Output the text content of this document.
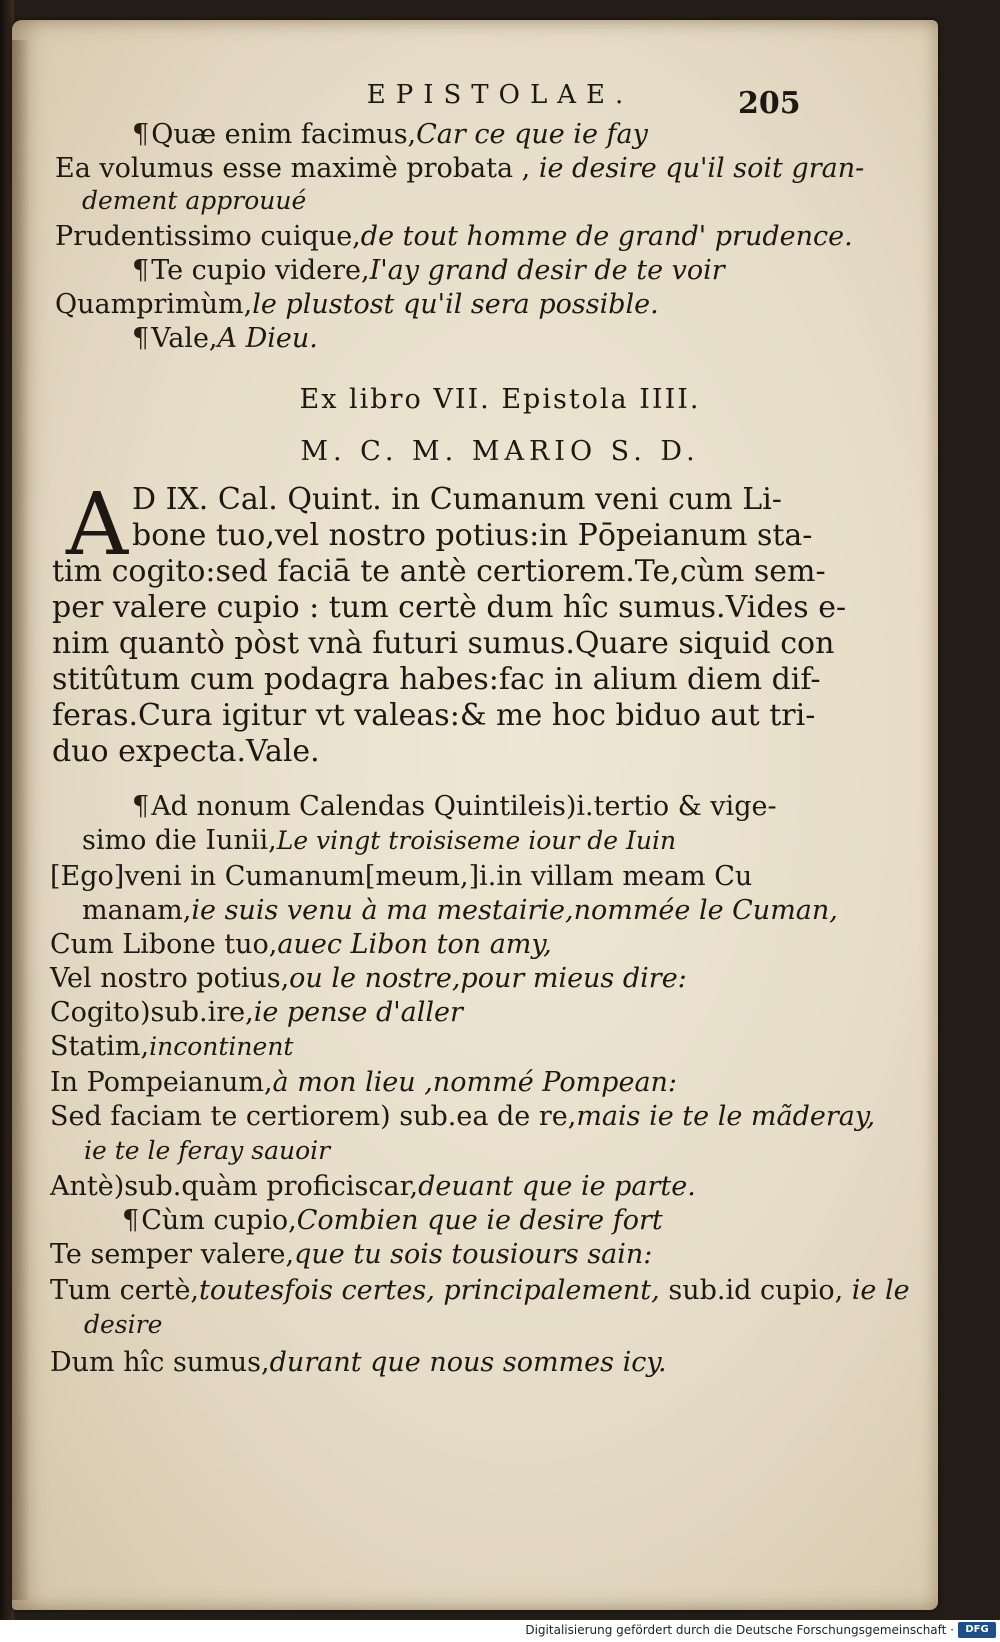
EPISTOLAE.	205
¶Quæ enim facimus,Car ce que ie fay
Ea volumus esse maximè probata , ie desire qu'il soit gran-
dement approuué
Prudentissimo cuique,de tout homme de grand' prudence.
¶Te cupio videre,I'ay grand desir de te voir
Quamprimùm,le plustost qu'il sera possible.
¶Vale,A Dieu.
Ex libro VII. Epistola IIII.
M. C. M. MARIO S. D.
A D IX. Cal. Quint. in Cumanum veni cum Li-
bone tuo,vel nostro potius:in Pōpeianum sta-
tim cogito:sed faciā te antè certiorem.Te,cùm sem-
per valere cupio : tum certè dum hîc sumus.Vides e-
nim quantò pòst vnà futuri sumus.Quare siquid con
stitûtum cum podagra habes:fac in alium diem dif-
feras.Cura igitur vt valeas:& me hoc biduo aut tri-
duo expecta.Vale.
¶Ad nonum Calendas Quintileis)i.tertio & vige-
simo die Iunii,Le vingt troisiseme iour de Iuin
[Ego]veni in Cumanum[meum,]i.in villam meam Cu
manam,ie suis venu à ma mestairie,nommée le Cuman,
Cum Libone tuo,auec Libon ton amy,
Vel nostro potius,ou le nostre,pour mieus dire:
Cogito)sub.ire,ie pense d'aller
Statim,incontinent
In Pompeianum,à mon lieu ,nommé Pompean:
Sed faciam te certiorem) sub.ea de re,mais ie te le mãderay,
ie te le feray sauoir
Antè)sub.quàm proficiscar,deuant que ie parte.
¶Cùm cupio,Combien que ie desire fort
Te semper valere,que tu sois tousiours sain:
Tum certè,toutesfois certes, principalement, sub.id cupio, ie le
desire
Dum hîc sumus,durant que nous sommes icy.
Digitalisierung gefördert durch die Deutsche Forschungsgemeinschaft ·	DFG
